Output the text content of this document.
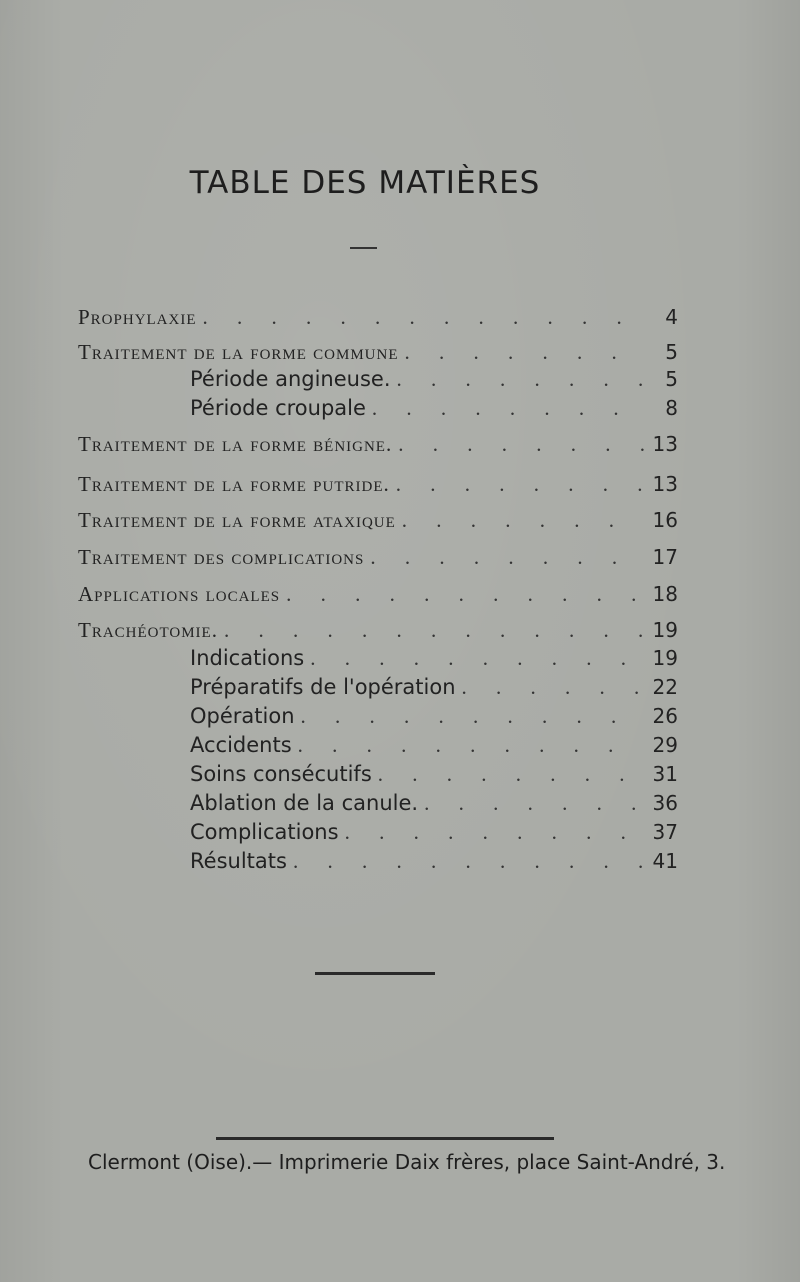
TABLE DES MATIÈRES
Prophylaxie . . .	4
Traitement de la forme commune . . .	5
Période angineuse. . . .	5
Période croupale . . .	8
Traitement de la forme bénigne. . . .	13
Traitement de la forme putride. . . .	13
Traitement de la forme ataxique . . .	16
Traitement des complications . . .	17
Applications locales . . .	18
Trachéotomie. . . .	19
Indications . . .	19
Préparatifs de l'opération . . .	22
Opération . . .	26
Accidents . . .	29
Soins consécutifs . . .	31
Ablation de la canule. . . .	36
Complications . . .	37
Résultats . . .	41
Clermont (Oise).— Imprimerie Daix frères, place Saint-André, 3.
